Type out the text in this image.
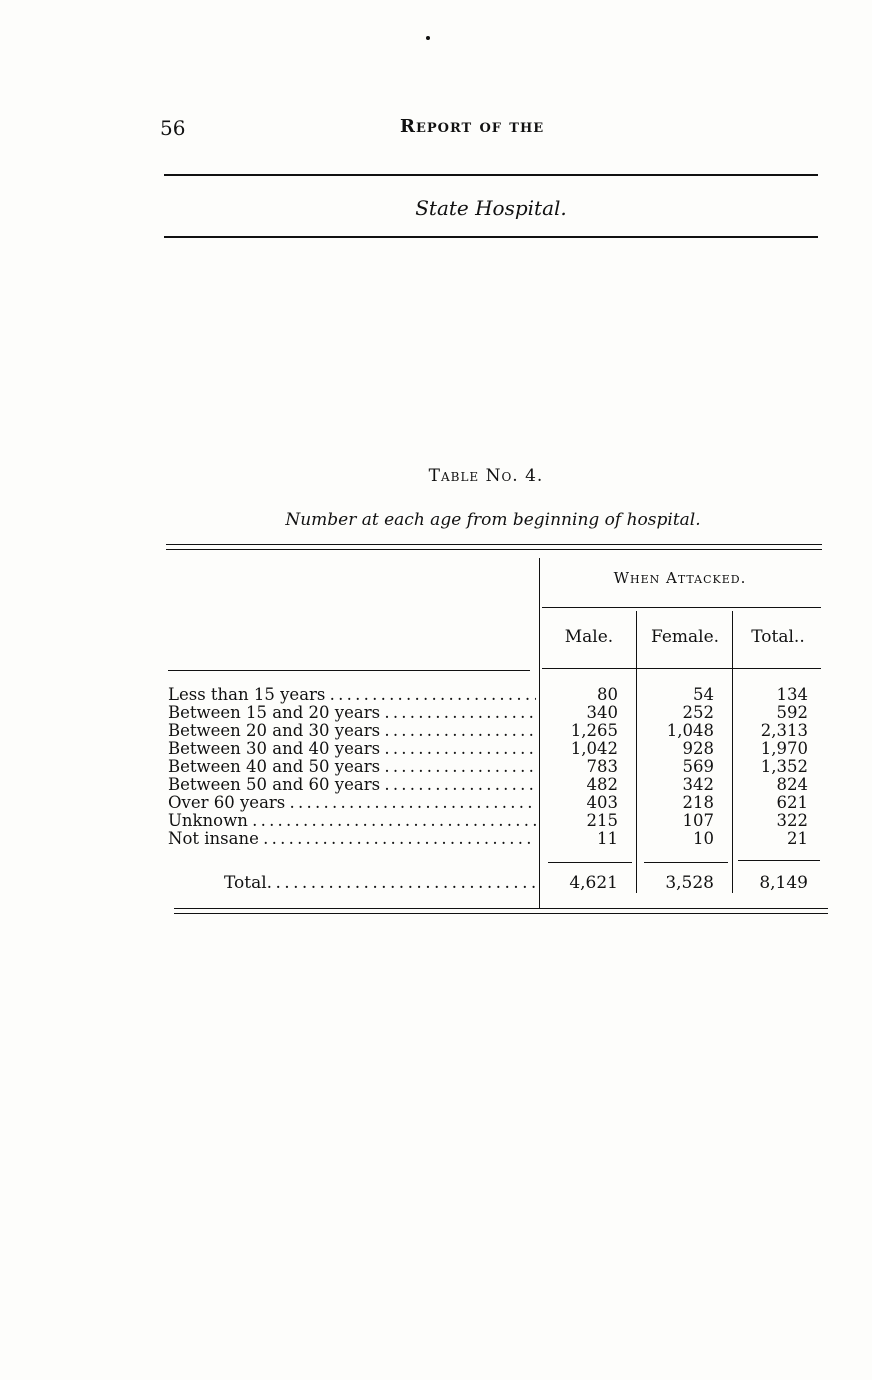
56	Report of the
State Hospital.
Table No. 4.
Number at each age from beginning of hospital.
When Attacked.
Male.	Female.	Total..
Less than 15 years . . .	80	54	134
Between 15 and 20 years . . .	340	252	592
Between 20 and 30 years . . .	1,265	1,048	2,313
Between 30 and 40 years . . .	1,042	928	1,970
Between 40 and 50 years . . .	783	569	1,352
Between 50 and 60 years . . .	482	342	824
Over 60 years . . .	403	218	621
Unknown . . .	215	107	322
Not insane . . .	11	10	21
Total . . .	4,621	3,528	8,149
